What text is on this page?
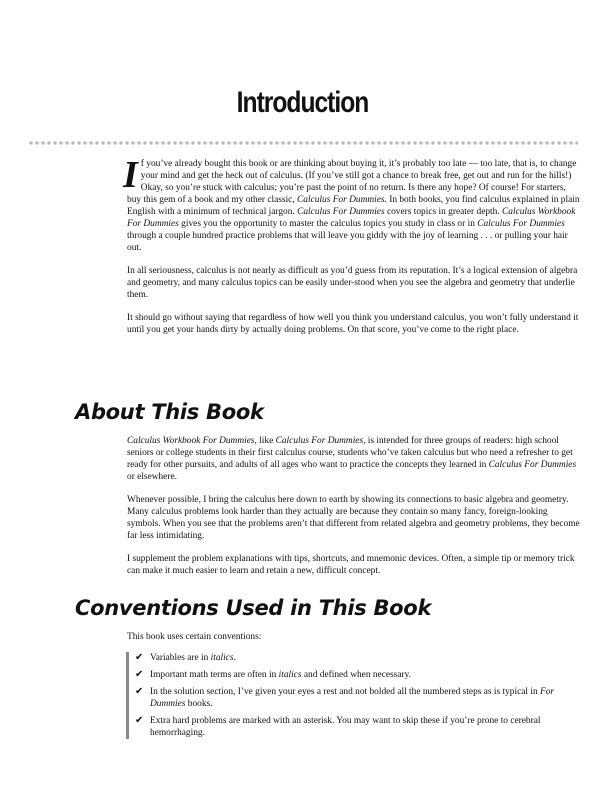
Introduction

I f you’ve already bought this book or are thinking about buying it, it’s probably too late — too late, that is, to change your mind and get the heck out of calculus. (If you’ve still got a chance to break free, get out and run for the hills!) Okay, so you’re stuck with calculus; you’re past the point of no return. Is there any hope? Of course! For starters, buy this gem of a book and my other classic, Calculus For Dummies. In both books, you find calculus explained in plain English with a minimum of technical jargon. Calculus For Dummies covers topics in greater depth. Calculus Workbook For Dummies gives you the opportunity to master the calculus topics you study in class or in Calculus For Dummies through a couple hundred practice problems that will leave you giddy with the joy of learning . . . or pulling your hair out.

In all seriousness, calculus is not nearly as difficult as you’d guess from its reputation. It’s a logical extension of algebra and geometry, and many calculus topics can be easily under-stood when you see the algebra and geometry that underlie them.

It should go without saying that regardless of how well you think you understand calculus, you won’t fully understand it until you get your hands dirty by actually doing problems. On that score, you’ve come to the right place.

About This Book

Calculus Workbook For Dummies, like Calculus For Dummies, is intended for three groups of readers: high school seniors or college students in their first calculus course, students who’ve taken calculus but who need a refresher to get ready for other pursuits, and adults of all ages who want to practice the concepts they learned in Calculus For Dummies or elsewhere.

Whenever possible, I bring the calculus here down to earth by showing its connections to basic algebra and geometry. Many calculus problems look harder than they actually are because they contain so many fancy, foreign-looking symbols. When you see that the problems aren’t that different from related algebra and geometry problems, they become far less intimidating.

I supplement the problem explanations with tips, shortcuts, and mnemonic devices. Often, a simple tip or memory trick can make it much easier to learn and retain a new, difficult concept.

Conventions Used in This Book

This book uses certain conventions:

✔ Variables are in italics.
✔ Important math terms are often in italics and defined when necessary.
✔ In the solution section, I’ve given your eyes a rest and not bolded all the numbered steps as is typical in For Dummies books.
✔ Extra hard problems are marked with an asterisk. You may want to skip these if you’re prone to cerebral hemorrhaging.
